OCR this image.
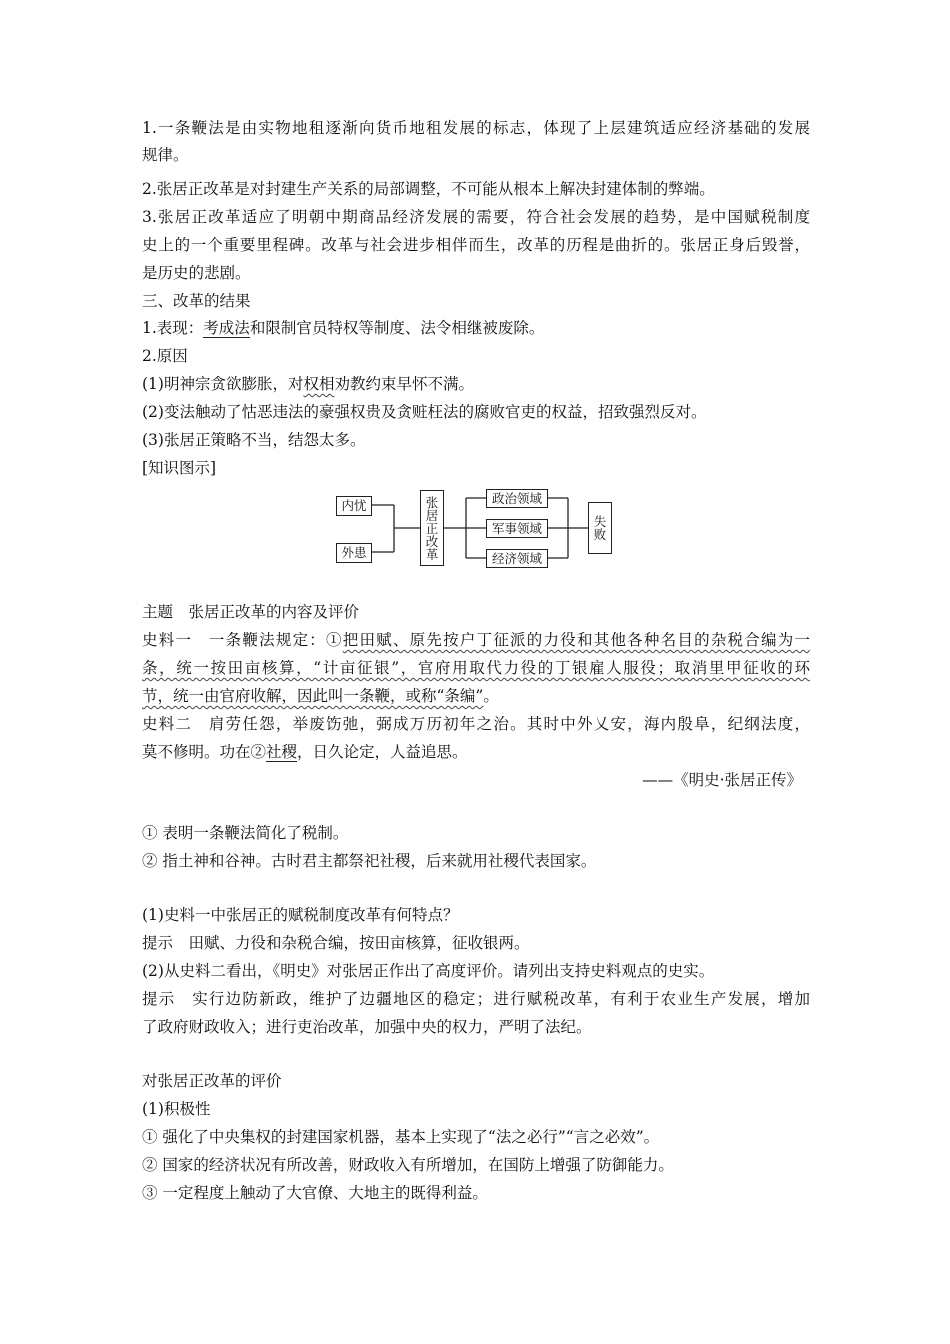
1.一条鞭法是由实物地租逐渐向货币地租发展的标志，体现了上层建筑适应经济基础的发展
规律。
2.张居正改革是对封建生产关系的局部调整，不可能从根本上解决封建体制的弊端。
3.张居正改革适应了明朝中期商品经济发展的需要，符合社会发展的趋势，是中国赋税制度
史上的一个重要里程碑。改革与社会进步相伴而生，改革的历程是曲折的。张居正身后毁誉，
是历史的悲剧。
三、改革的结果
1.表现：考成法和限制官员特权等制度、法令相继被废除。
2.原因
(1)明神宗贪欲膨胀，对权相劝教约束早怀不满。
(2)变法触动了怙恶违法的豪强权贵及贪赃枉法的腐败官吏的权益，招致强烈反对。
(3)张居正策略不当，结怨太多。
[知识图示]
主题　张居正改革的内容及评价
史料一　一条鞭法规定：①把田赋、原先按户丁征派的力役和其他各种名目的杂税合编为一
条，统一按田亩核算，“计亩征银”，官府用取代力役的丁银雇人服役；取消里甲征收的环
节，统一由官府收解，因此叫一条鞭，或称“条编”。
史料二　肩劳任怨，举废饬弛，弼成万历初年之治。其时中外乂安，海内殷阜，纪纲法度，
莫不修明。功在②社稷，日久论定，人益追思。
——《明史·张居正传》
① 表明一条鞭法简化了税制。
② 指土神和谷神。古时君主都祭祀社稷，后来就用社稷代表国家。
(1)史料一中张居正的赋税制度改革有何特点？
提示　田赋、力役和杂税合编，按田亩核算，征收银两。
(2)从史料二看出，《明史》对张居正作出了高度评价。请列出支持史料观点的史实。
提示　实行边防新政，维护了边疆地区的稳定；进行赋税改革，有利于农业生产发展，增加
了政府财政收入；进行吏治改革，加强中央的权力，严明了法纪。
对张居正改革的评价
(1)积极性
① 强化了中央集权的封建国家机器，基本上实现了“法之必行”“言之必效”。
② 国家的经济状况有所改善，财政收入有所增加，在国防上增强了防御能力。
③ 一定程度上触动了大官僚、大地主的既得利益。
内忧
外患
张
居
正
改
革
政治领域
军事领域
经济领域
失
败
